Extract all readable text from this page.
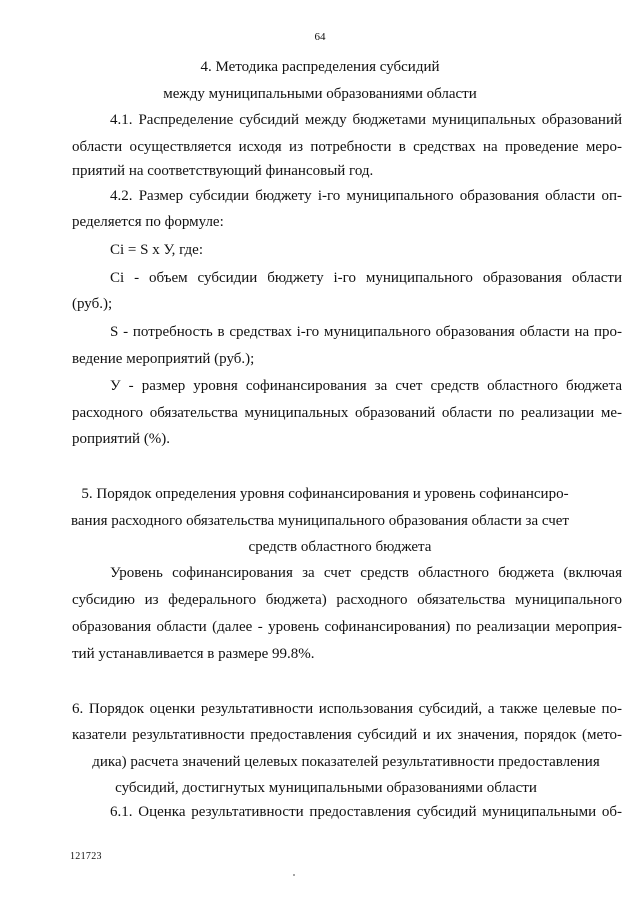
64
4. Методика распределения субсидий
между муниципальными образованиями области
4.1. Распределение субсидий между бюджетами муниципальных образований
области осуществляется исходя из потребности в средствах на проведение меро-
приятий на соответствующий финансовый год.
4.2. Размер субсидии бюджету i-го муниципального образования области оп-
ределяется по формуле:
Ci = S x У, где:
Ci - объем субсидии бюджету i-го муниципального образования области
(руб.);
S - потребность в средствах i-го муниципального образования области на про-
ведение мероприятий (руб.);
У - размер уровня софинансирования за счет средств областного бюджета
расходного обязательства муниципальных образований области по реализации ме-
роприятий (%).
5. Порядок определения уровня софинансирования и уровень софинансиро-
вания расходного обязательства муниципального образования области за счет
средств областного бюджета
Уровень софинансирования за счет средств областного бюджета (включая
субсидию из федерального бюджета) расходного обязательства муниципального
образования области (далее - уровень софинансирования) по реализации мероприя-
тий устанавливается в размере 99.8%.
6. Порядок оценки результативности использования субсидий, а также целевые по-
казатели результативности предоставления субсидий и их значения, порядок (мето-
дика) расчета значений целевых показателей результативности предоставления
субсидий, достигнутых муниципальными образованиями области
6.1. Оценка результативности предоставления субсидий муниципальными об-
121723
